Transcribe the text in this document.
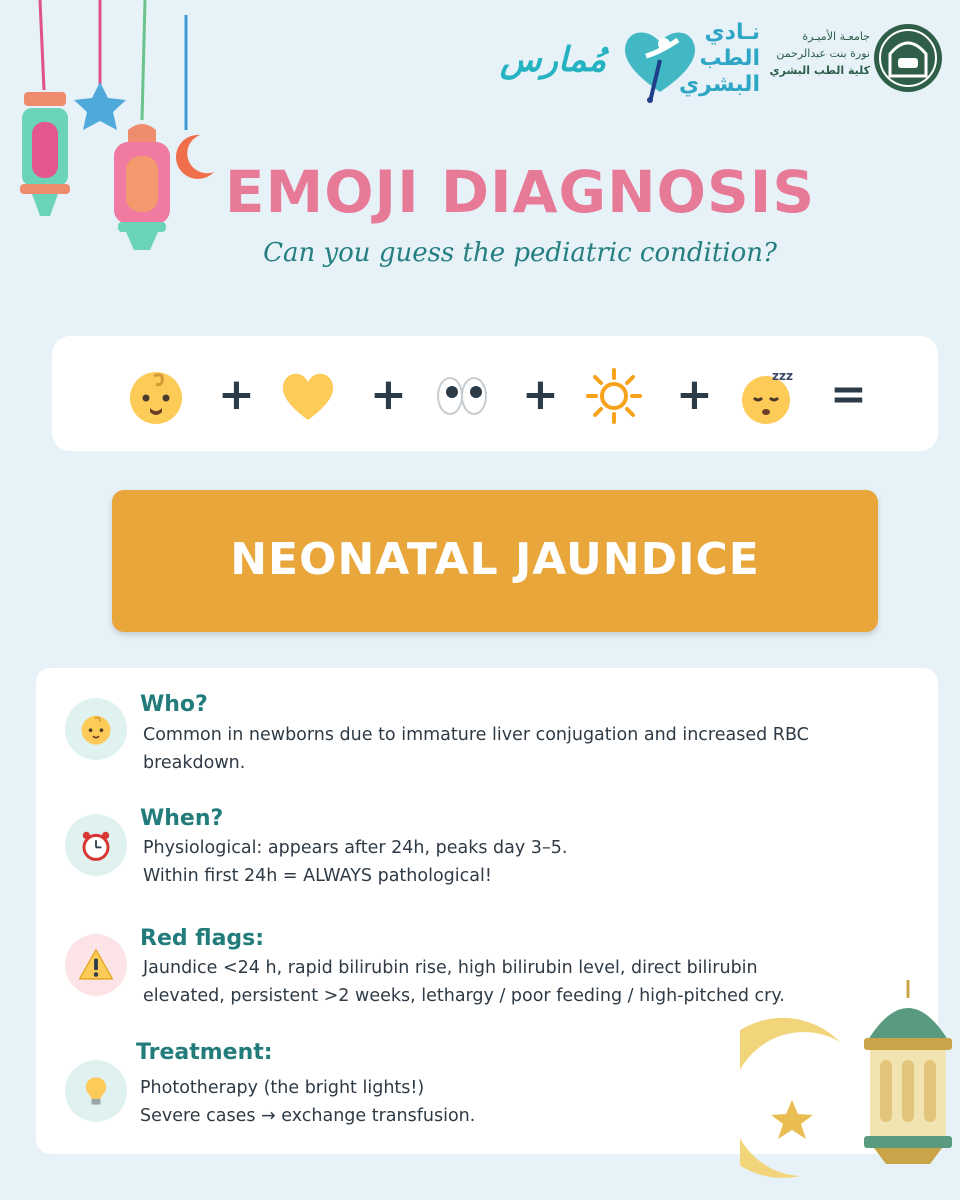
مُمارس
نـادي
الطب
البشري
جامعـة الأميـرة
نورة بنت عبدالرحمن
كلية الطب البشري
EMOJI DIAGNOSIS
Can you guess the pediatric condition?
+	+	+	+	zzz =
NEONATAL JAUNDICE
Who?
Common in newborns due to immature liver conjugation and increased RBC
breakdown.
When?
Physiological: appears after 24h, peaks day 3–5.
Within first 24h = ALWAYS pathological!
Red flags:
Jaundice <24 h, rapid bilirubin rise, high bilirubin level, direct bilirubin
elevated, persistent >2 weeks, lethargy / poor feeding / high-pitched cry.
Treatment:
Phototherapy (the bright lights!)
Severe cases → exchange transfusion.
